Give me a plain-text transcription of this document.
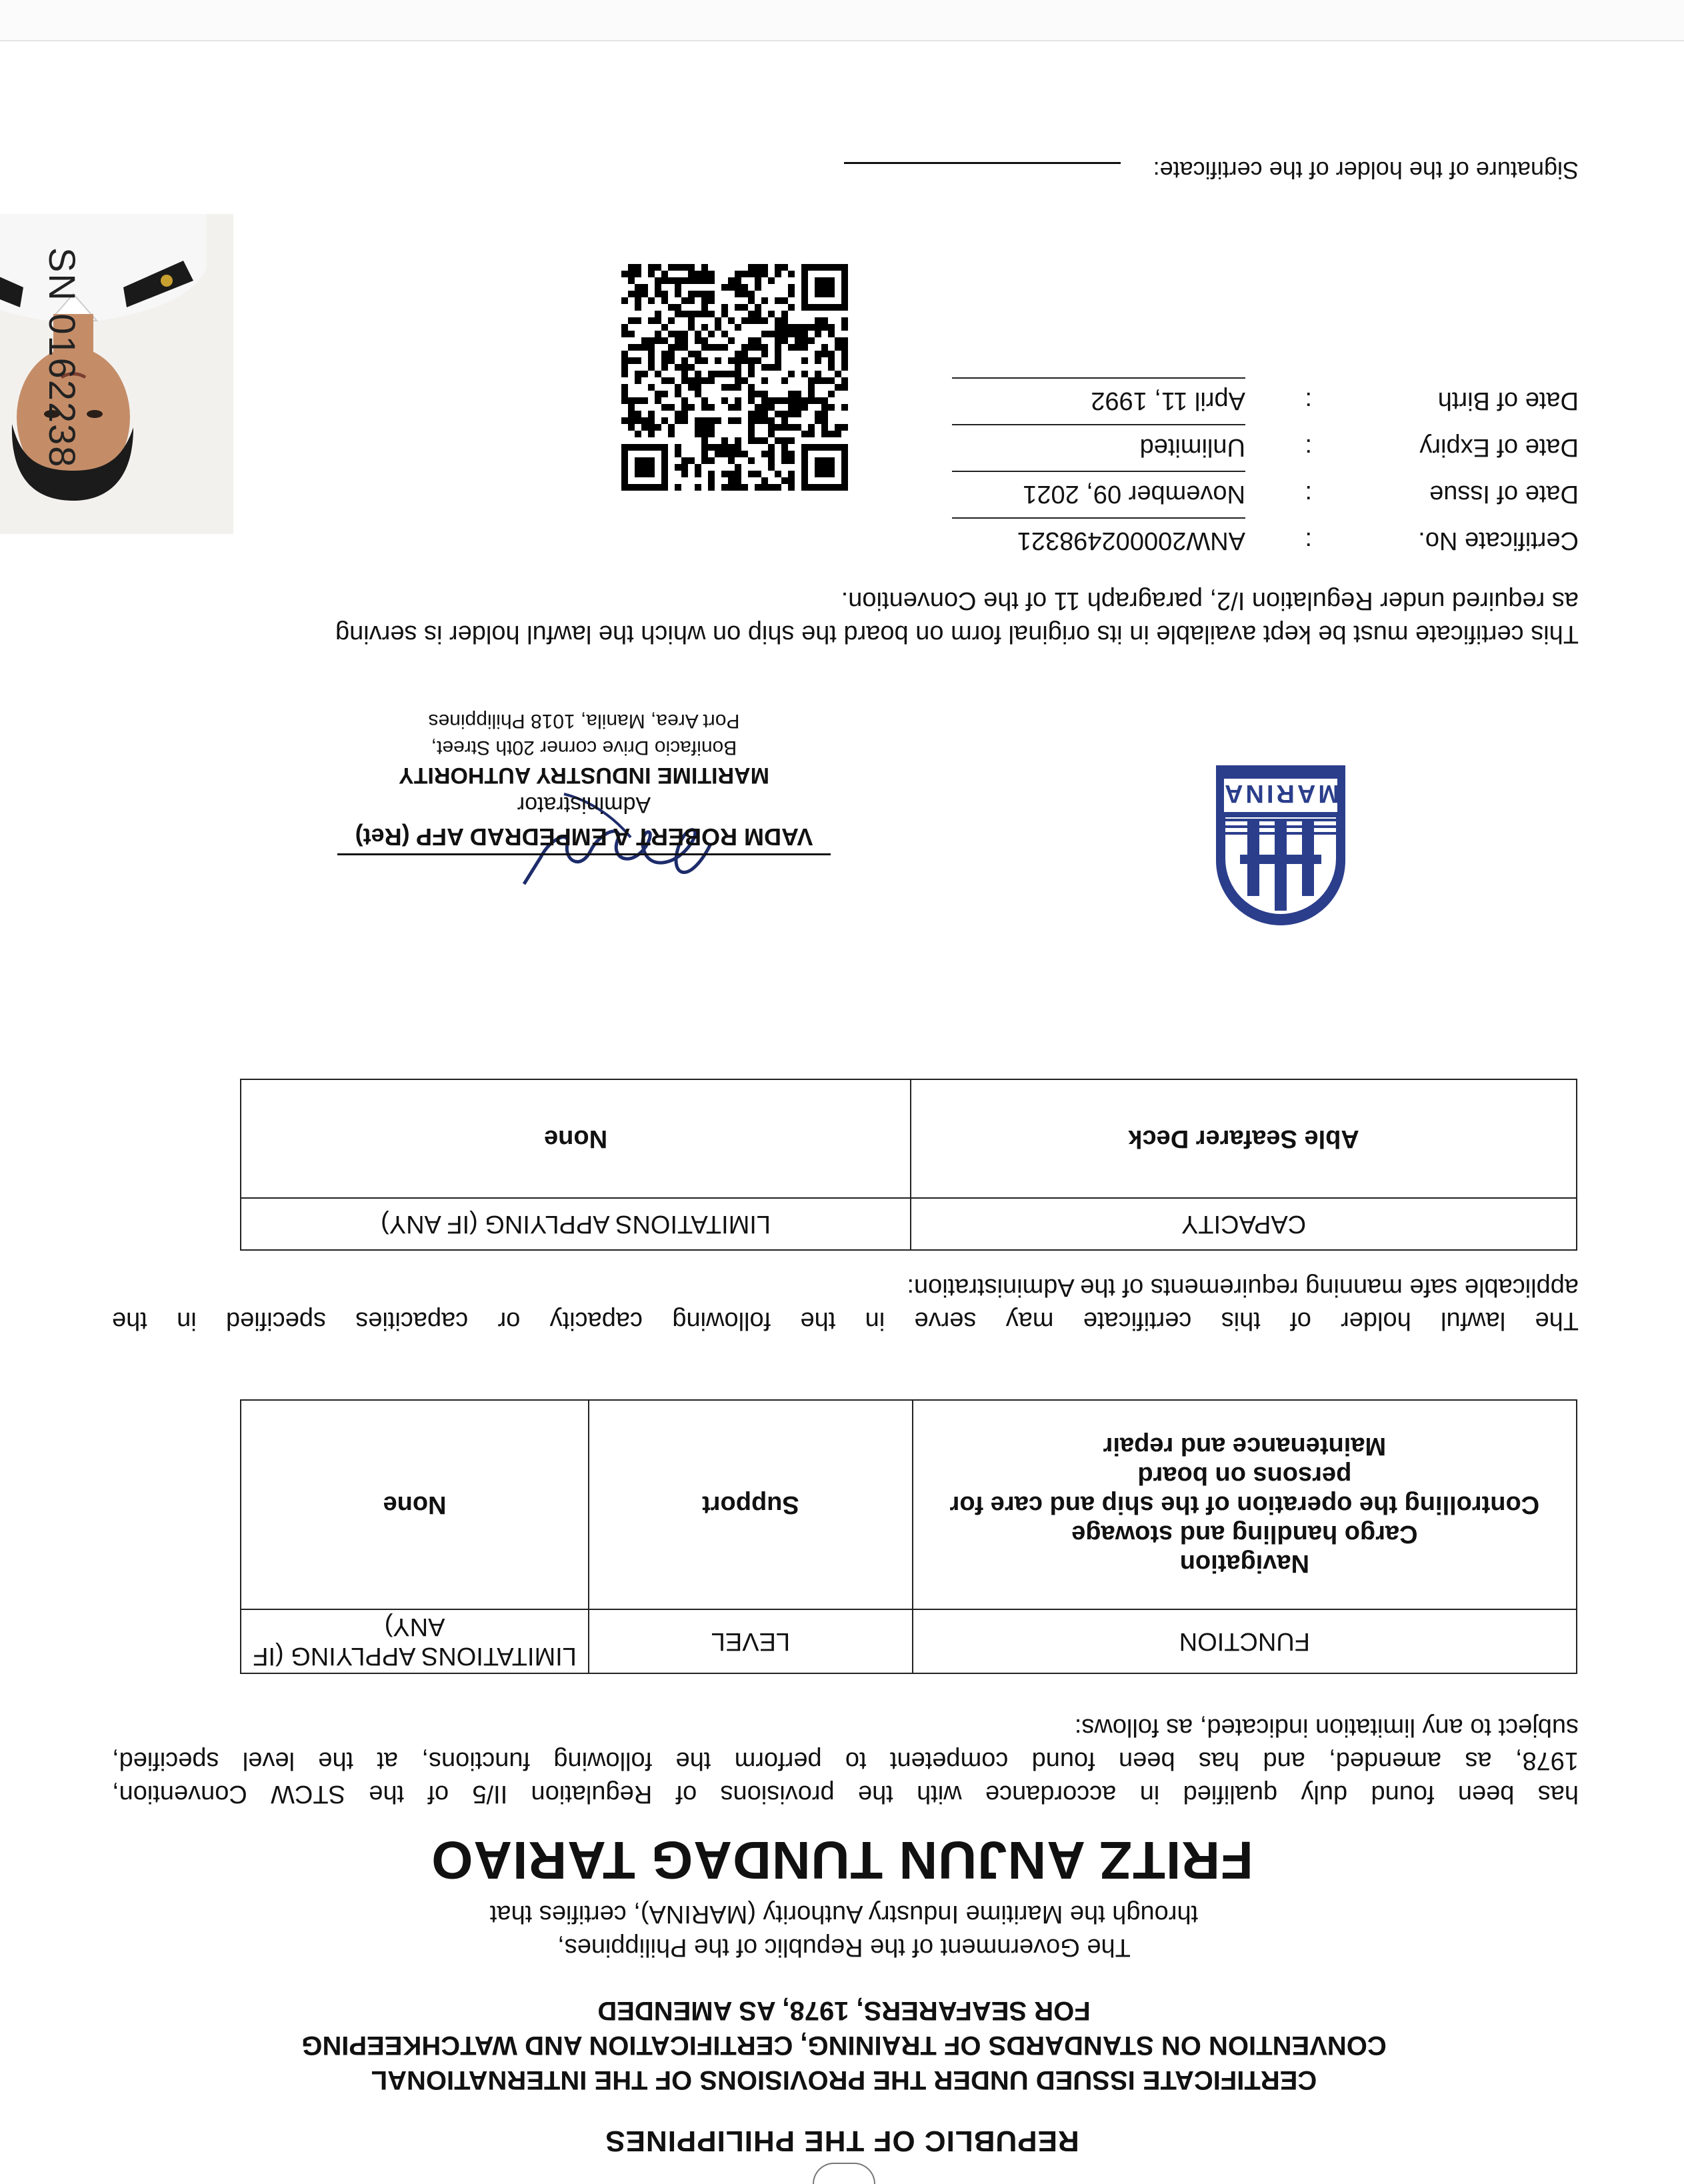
REPUBLIC OF THE PHILIPPINES
CERTIFICATE ISSUED UNDER THE PROVISIONS OF THE INTERNATIONAL
CONVENTION ON STANDARDS OF TRAINING, CERTIFICATION AND WATCHKEEPING
FOR SEAFARERS, 1978, AS AMENDED
The Government of the Republic of the Philippines,
through the Maritime Industry Authority (MARINA), certifies that
FRITZ ANJUN TUNDAG TARIAO
has been found duly qualified in accordance with the provisions of Regulation II/5 of the STCW Convention,
1978, as amended, and has been found competent to perform the following functions, at the level specified,
subject to any limitation indicated, as follows:
FUNCTION	LEVEL	LIMITATIONS APPLYING (IF ANY)

Navigation
Cargo handling and stowage
Controlling the operation of the ship and care for persons on board
Maintenance and repair	Support	None
The lawful holder of this certificate may serve in the following capacity or capacities specified in the
applicable safe manning requirements of the Administration:
CAPACITY	LIMITATIONS APPLYING (IF ANY)
Able Seafarer Deck	None
MARINA
VADM ROBERT A EMPEDRAD AFP (Ret)
Administrator
MARITIME INDUSTRY AUTHORITY
Bonifacio Drive corner 20th Street,
Port Area, Manila, 1018 Philippines
This certificate must be kept available in its original form on board the ship on which the lawful holder is serving
as required under Regulation I/2, paragraph 11 of the Convention.
Certificate No.
:
ANW2000024983​21
Date of Issue
:
November 09, 2021
Date of Expiry
:
Unlimited
Date of Birth
:
April 11, 1992
Signature of the holder of the certificate:
SN 0162238
